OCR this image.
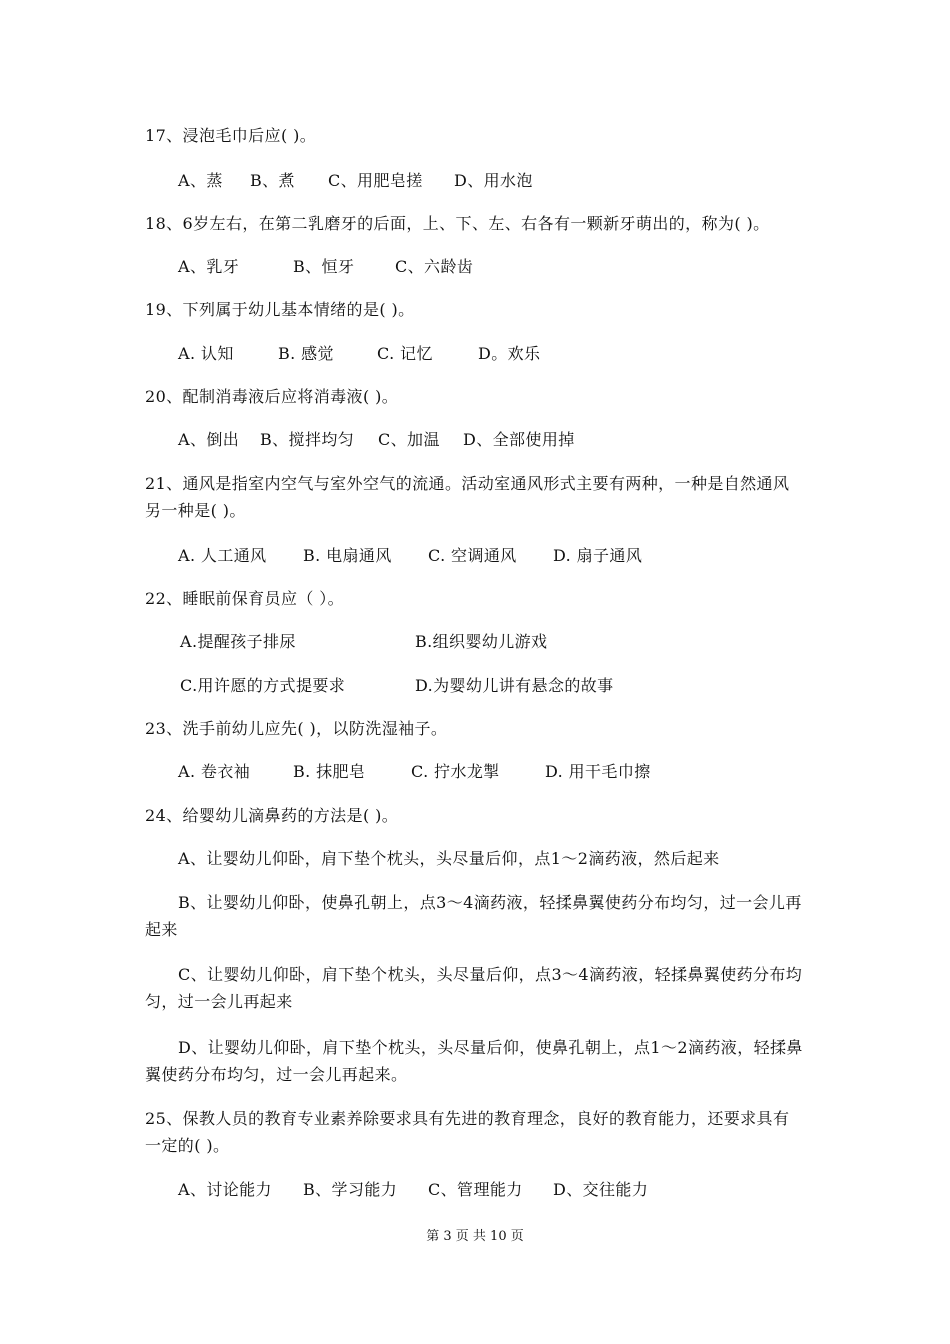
17、浸泡毛巾后应( )。
A、蒸 B、煮 C、用肥皂搓 D、用水泡
18、6岁左右，在第二乳磨牙的后面，上、下、左、右各有一颗新牙萌出的，称为( )。
A、乳牙	B、恒牙	C、六龄齿
19、下列属于幼儿基本情绪的是( )。
A. 认知	B. 感觉	C. 记忆	D。欢乐
20、配制消毒液后应将消毒液( )。
A、倒出 B、搅拌均匀 C、加温 D、全部使用掉
21、通风是指室内空气与室外空气的流通。活动室通风形式主要有两种，一种是自然通风
另一种是( )。
A. 人工通风 B. 电扇通风 C. 空调通风 D. 扇子通风
22、睡眠前保育员应（ ）。
A.提醒孩子排尿	B.组织婴幼儿游戏
C.用许愿的方式提要求	D.为婴幼儿讲有悬念的故事
23、洗手前幼儿应先( )，以防洗湿袖子。
A. 卷衣袖	B. 抹肥皂	C. 拧水龙掣	D. 用干毛巾擦
24、给婴幼儿滴鼻药的方法是( )。
A、让婴幼儿仰卧，肩下垫个枕头，头尽量后仰，点1～2滴药液，然后起来
B、让婴幼儿仰卧，使鼻孔朝上，点3～4滴药液，轻揉鼻翼使药分布均匀，过一会儿再
起来
C、让婴幼儿仰卧，肩下垫个枕头，头尽量后仰，点3～4滴药液，轻揉鼻翼使药分布均
匀，过一会儿再起来
D、让婴幼儿仰卧，肩下垫个枕头，头尽量后仰，使鼻孔朝上，点1～2滴药液，轻揉鼻
翼使药分布均匀，过一会儿再起来。
25、保教人员的教育专业素养除要求具有先进的教育理念，良好的教育能力，还要求具有
一定的( )。
A、讨论能力 B、学习能力 C、管理能力 D、交往能力
第 3 页 共 10 页
